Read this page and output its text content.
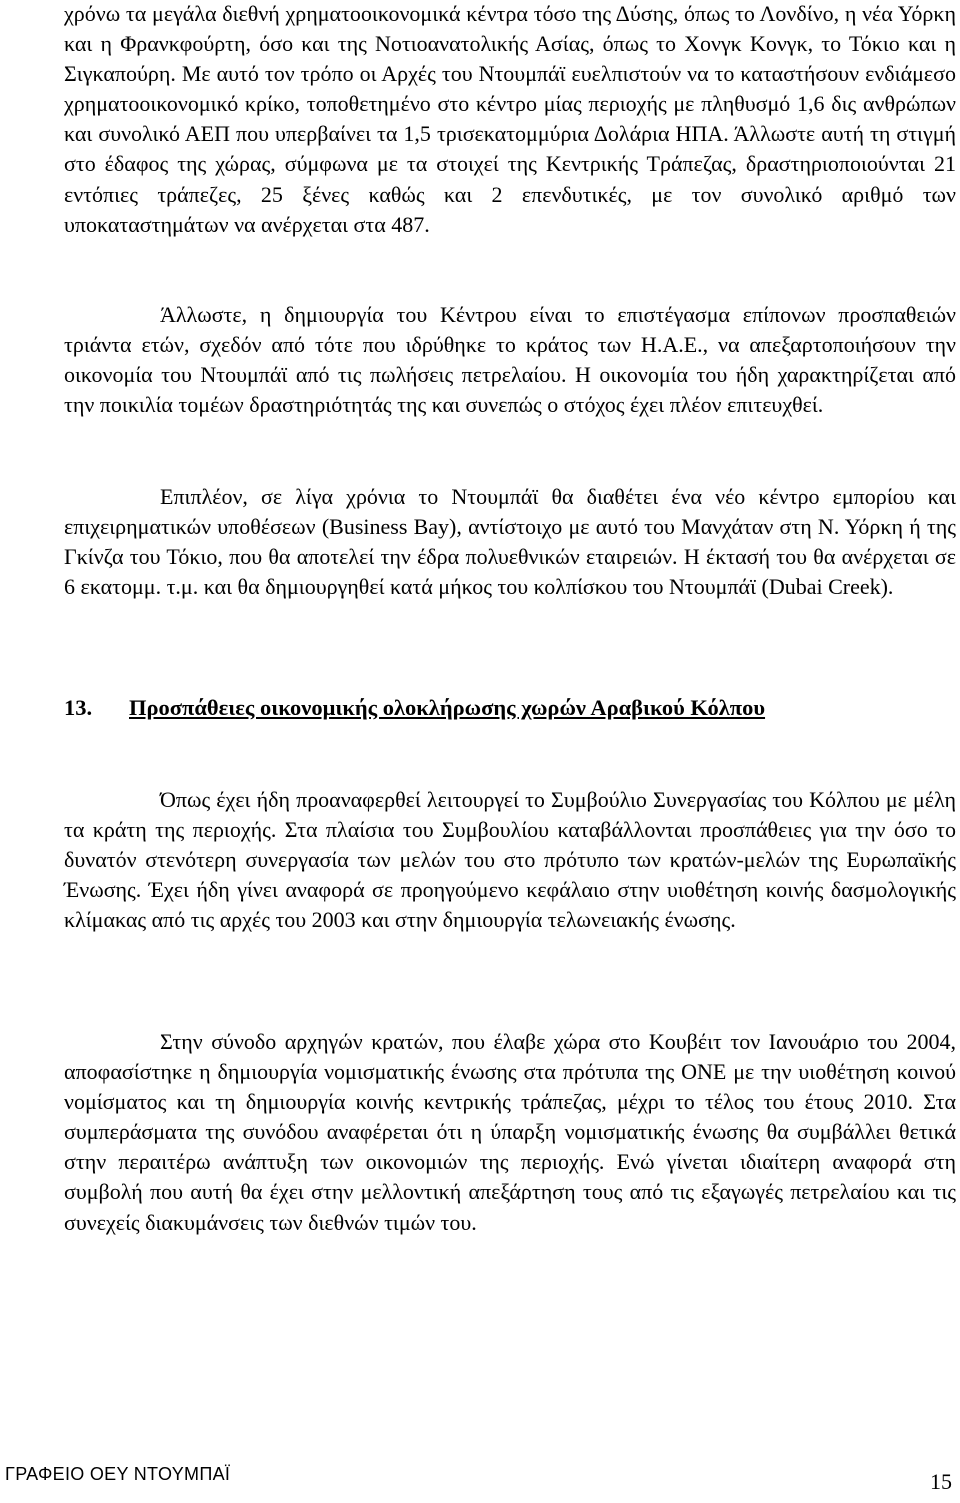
χρόνω τα μεγάλα διεθνή χρηματοοικονομικά κέντρα τόσο της Δύσης, όπως το Λονδίνο, η νέα Υόρκη και η Φρανκφούρτη, όσο και της Νοτιοανατολικής Ασίας, όπως το Χονγκ Κονγκ, το Τόκιο και η Σιγκαπούρη. Με αυτό τον τρόπο οι Αρχές του Ντουμπάϊ ευελπιστούν να το καταστήσουν ενδιάμεσο χρηματοοικονομικό κρίκο, τοποθετημένο στο κέντρο μίας περιοχής με πληθυσμό 1,6 δις ανθρώπων και συνολικό ΑΕΠ που υπερβαίνει τα 1,5 τρισεκατομμύρια Δολάρια ΗΠΑ. Άλλωστε αυτή τη στιγμή στο έδαφος της χώρας, σύμφωνα με τα στοιχεί της Κεντρικής Τράπεζας, δραστηριοποιούνται 21 εντόπιες τράπεζες, 25 ξένες καθώς και 2 επενδυτικές, με τον συνολικό αριθμό των υποκαταστημάτων να ανέρχεται στα 487.

Άλλωστε, η δημιουργία του Κέντρου είναι το επιστέγασμα επίπονων προσπαθειών τριάντα ετών, σχεδόν από τότε που ιδρύθηκε το κράτος των Η.Α.Ε., να απεξαρτοποιήσουν την οικονομία του Ντουμπάϊ από τις πωλήσεις πετρελαίου. Η οικονομία του ήδη χαρακτηρίζεται από την ποικιλία τομέων δραστηριότητάς της και συνεπώς ο στόχος έχει πλέον επιτευχθεί.

Επιπλέον, σε λίγα χρόνια το Ντουμπάϊ θα διαθέτει ένα νέο κέντρο εμπορίου και επιχειρηματικών υποθέσεων (Business Bay), αντίστοιχο με αυτό του Μανχάταν στη Ν. Υόρκη ή της Γκίνζα του Τόκιο, που θα αποτελεί την έδρα πολυεθνικών εταιρειών. Η έκτασή του θα ανέρχεται σε 6 εκατομμ. τ.μ. και θα δημιουργηθεί κατά μήκος του κολπίσκου του Ντουμπάϊ (Dubai Creek).

13. Προσπάθειες οικονομικής ολοκλήρωσης χωρών Αραβικού Κόλπου

Όπως έχει ήδη προαναφερθεί λειτουργεί το Συμβούλιο Συνεργασίας του Κόλπου με μέλη τα κράτη της περιοχής. Στα πλαίσια του Συμβουλίου καταβάλλονται προσπάθειες για την όσο το δυνατόν στενότερη συνεργασία των μελών του στο πρότυπο των κρατών-μελών της Ευρωπαϊκής Ένωσης. Έχει ήδη γίνει αναφορά σε προηγούμενο κεφάλαιο στην υιοθέτηση κοινής δασμολογικής κλίμακας από τις αρχές του 2003 και στην δημιουργία τελωνειακής ένωσης.

Στην σύνοδο αρχηγών κρατών, που έλαβε χώρα στο Κουβέιτ τον Ιανουάριο του 2004, αποφασίστηκε η δημιουργία νομισματικής ένωσης στα πρότυπα της ΟΝΕ με την υιοθέτηση κοινού νομίσματος και τη δημιουργία κοινής κεντρικής τράπεζας, μέχρι το τέλος του έτους 2010. Στα συμπεράσματα της συνόδου αναφέρεται ότι η ύπαρξη νομισματικής ένωσης θα συμβάλλει θετικά στην περαιτέρω ανάπτυξη των οικονομιών της περιοχής. Ενώ γίνεται ιδιαίτερη αναφορά στη συμβολή που αυτή θα έχει στην μελλοντική απεξάρτηση τους από τις εξαγωγές πετρελαίου και τις συνεχείς διακυμάνσεις των διεθνών τιμών του.

ΓΡΑΦΕΙΟ ΟΕΥ ΝΤΟΥΜΠΑΪ	15
